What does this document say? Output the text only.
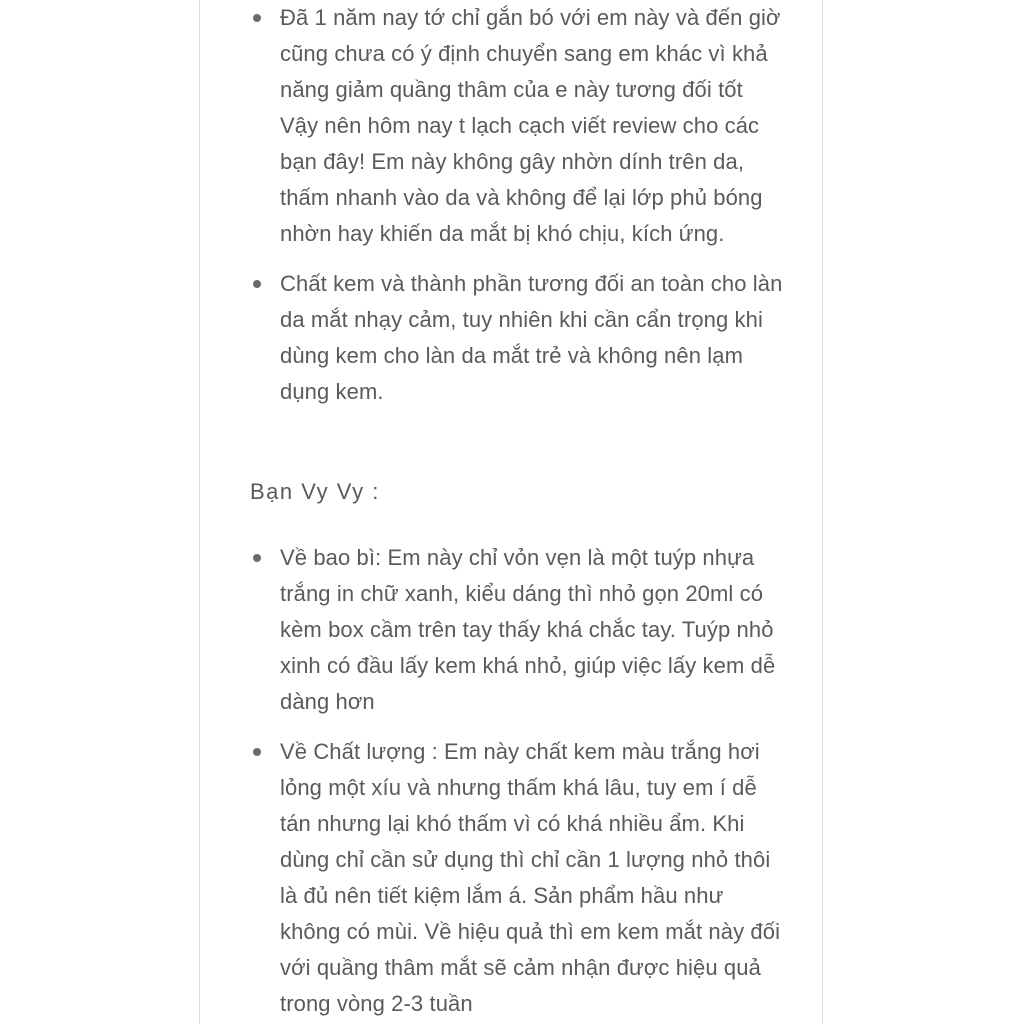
Đã 1 năm nay tớ chỉ gắn bó với em này và đến giờ cũng chưa có ý định chuyển sang em khác vì khả năng giảm quầng thâm của e này tương đối tốt Vậy nên hôm nay t lạch cạch viết review cho các bạn đây! Em này không gây nhờn dính trên da, thấm nhanh vào da và không để lại lớp phủ bóng nhờn hay khiến da mắt bị khó chịu, kích ứng.
Chất kem và thành phần tương đối an toàn cho làn da mắt nhạy cảm, tuy nhiên khi cần cẩn trọng khi dùng kem cho làn da mắt trẻ và không nên lạm dụng kem.
Bạn Vy Vy :
Về bao bì: Em này chỉ vỏn vẹn là một tuýp nhựa trắng in chữ xanh, kiểu dáng thì nhỏ gọn 20ml có kèm box cầm trên tay thấy khá chắc tay. Tuýp nhỏ xinh có đầu lấy kem khá nhỏ, giúp việc lấy kem dễ dàng hơn
Về Chất lượng : Em này chất kem màu trắng hơi lỏng một xíu và nhưng thấm khá lâu, tuy em í dễ tán nhưng lại khó thấm vì có khá nhiều ẩm. Khi dùng chỉ cần sử dụng thì chỉ cần 1 lượng nhỏ thôi là đủ nên tiết kiệm lắm á. Sản phẩm hầu như không có mùi. Về hiệu quả thì em kem mắt này đối với quầng thâm mắt sẽ cảm nhận được hiệu quả trong vòng 2-3 tuần
